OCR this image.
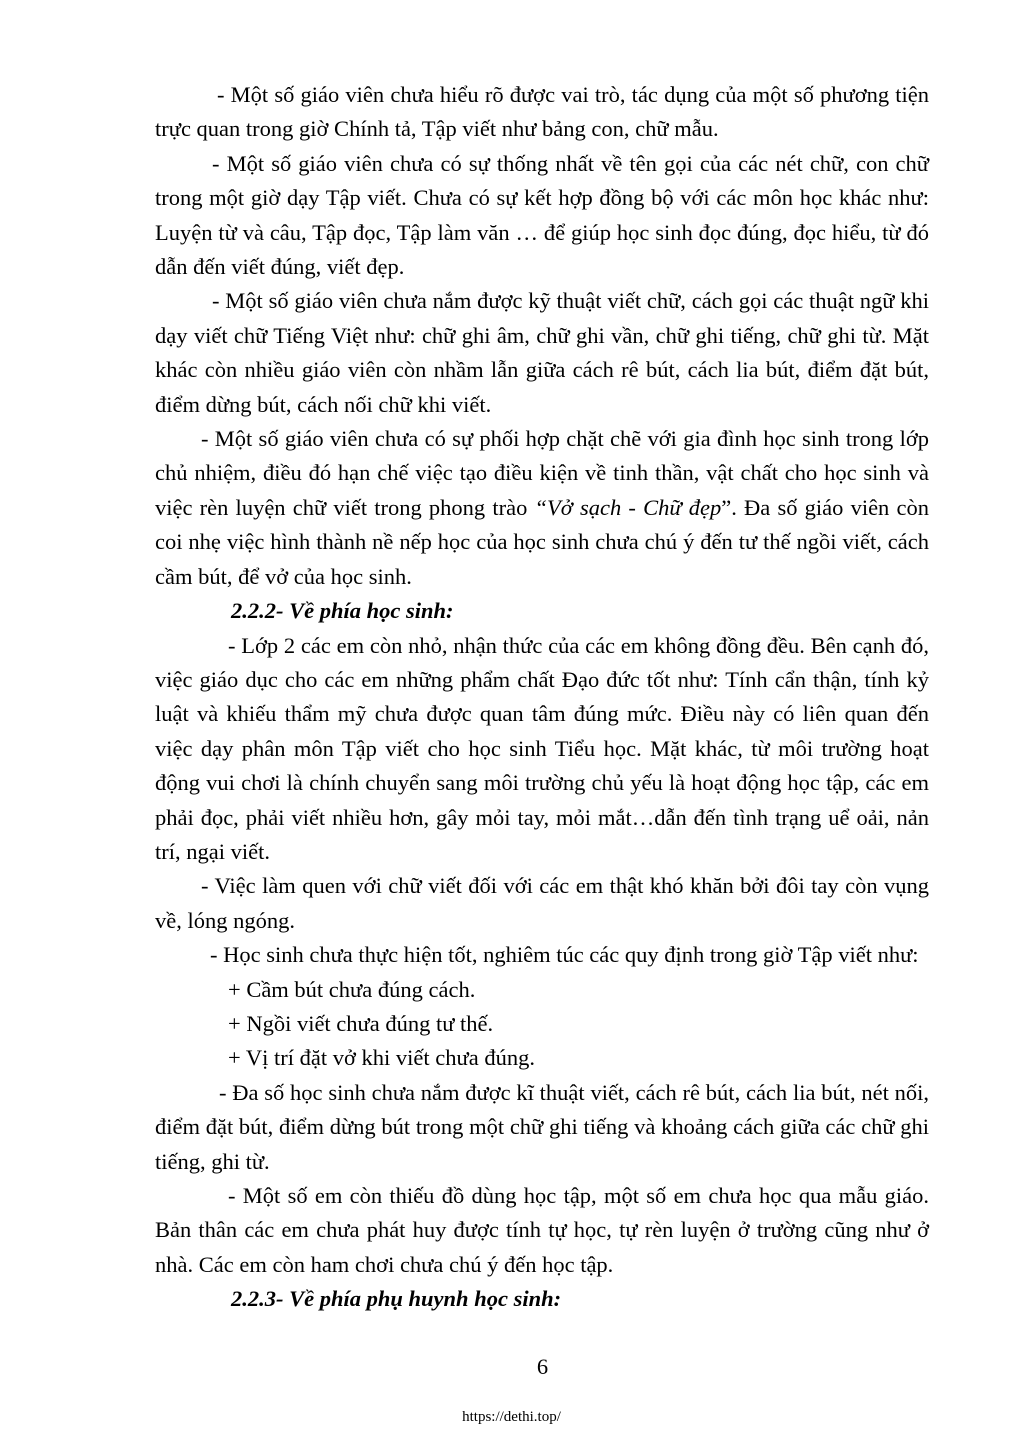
- Một số giáo viên chưa hiểu rõ được vai trò, tác dụng của một số phương tiện trực quan trong giờ Chính tả, Tập viết như bảng con, chữ mẫu.

- Một số giáo viên chưa có sự thống nhất về tên gọi của các nét chữ, con chữ trong một giờ dạy Tập viết. Chưa có sự kết hợp đồng bộ với các môn học khác như: Luyện từ và câu, Tập đọc, Tập làm văn … để giúp học sinh đọc đúng, đọc hiểu, từ đó dẫn đến viết đúng, viết đẹp.

- Một số giáo viên chưa nắm được kỹ thuật viết chữ, cách gọi các thuật ngữ khi dạy viết chữ Tiếng Việt như: chữ ghi âm, chữ ghi vần, chữ ghi tiếng, chữ ghi từ. Mặt khác còn nhiều giáo viên còn nhầm lẫn giữa cách rê bút, cách lia bút, điểm đặt bút, điểm dừng bút, cách nối chữ khi viết.

- Một số giáo viên chưa có sự phối hợp chặt chẽ với gia đình học sinh trong lớp chủ nhiệm, điều đó hạn chế việc tạo điều kiện về tinh thần, vật chất cho học sinh và việc rèn luyện chữ viết trong phong trào “Vở sạch - Chữ đẹp”. Đa số giáo viên còn coi nhẹ việc hình thành nề nếp học của học sinh chưa chú ý đến tư thế ngồi viết, cách cầm bút, để vở của học sinh.

2.2.2- Về phía học sinh:

- Lớp 2 các em còn nhỏ, nhận thức của các em không đồng đều. Bên cạnh đó, việc giáo dục cho các em những phẩm chất Đạo đức tốt như: Tính cẩn thận, tính kỷ luật và khiếu thẩm mỹ chưa được quan tâm đúng mức. Điều này có liên quan đến việc dạy phân môn Tập viết cho học sinh Tiểu học. Mặt khác, từ môi trường hoạt động vui chơi là chính chuyển sang môi trường chủ yếu là hoạt động học tập, các em phải đọc, phải viết nhiều hơn, gây mỏi tay, mỏi mắt…dẫn đến tình trạng uể oải, nản trí, ngại viết.

- Việc làm quen với chữ viết đối với các em thật khó khăn bởi đôi tay còn vụng về, lóng ngóng.

- Học sinh chưa thực hiện tốt, nghiêm túc các quy định trong giờ Tập viết như:

+ Cầm bút chưa đúng cách.

+ Ngồi viết chưa đúng tư thế.

+ Vị trí đặt vở khi viết chưa đúng.

- Đa số học sinh chưa nắm được kĩ thuật viết, cách rê bút, cách lia bút, nét nối, điểm đặt bút, điểm dừng bút trong một chữ ghi tiếng và khoảng cách giữa các chữ ghi tiếng, ghi từ.

- Một số em còn thiếu đồ dùng học tập, một số em chưa học qua mẫu giáo. Bản thân các em chưa phát huy được tính tự học, tự rèn luyện ở trường cũng như ở nhà. Các em còn ham chơi chưa chú ý đến học tập.

2.2.3- Về phía phụ huynh học sinh:

6
https://dethi.top/
